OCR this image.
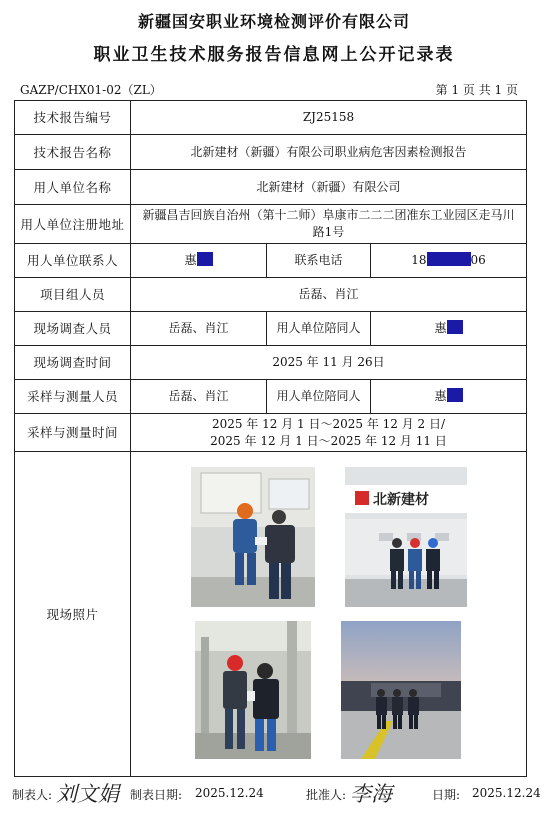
新疆国安职业环境检测评价有限公司
职业卫生技术服务报告信息网上公开记录表
GAZP/CHX01-02（ZL）	第 1 页 共 1 页
技术报告编号	ZJ25158		
技术报告名称	北新建材（新疆）有限公司职业病危害因素检测报告		
用人单位名称	北新建材（新疆）有限公司		
用人单位注册地址	新疆昌吉回族自治州（第十二师）阜康市二二二团准东工业园区走马川路1号		
用人单位联系人	惠	联系电话	18 06
项目组人员	岳磊、肖江		
现场调查人员	岳磊、肖江	用人单位陪同人	惠
现场调查时间	2025 年 11 月 26日		
采样与测量人员	岳磊、肖江	用人单位陪同人	惠
采样与测量时间	2025 年 12 月 1 日～2025 年 12 月 2 日/
2025 年 12 月 1 日～2025 年 12 月 11 日		

现场照片	北新建材		
制表人: 刘文娟 制表日期: 2025.12.24	批准人: 李海	日期: 2025.12.24
